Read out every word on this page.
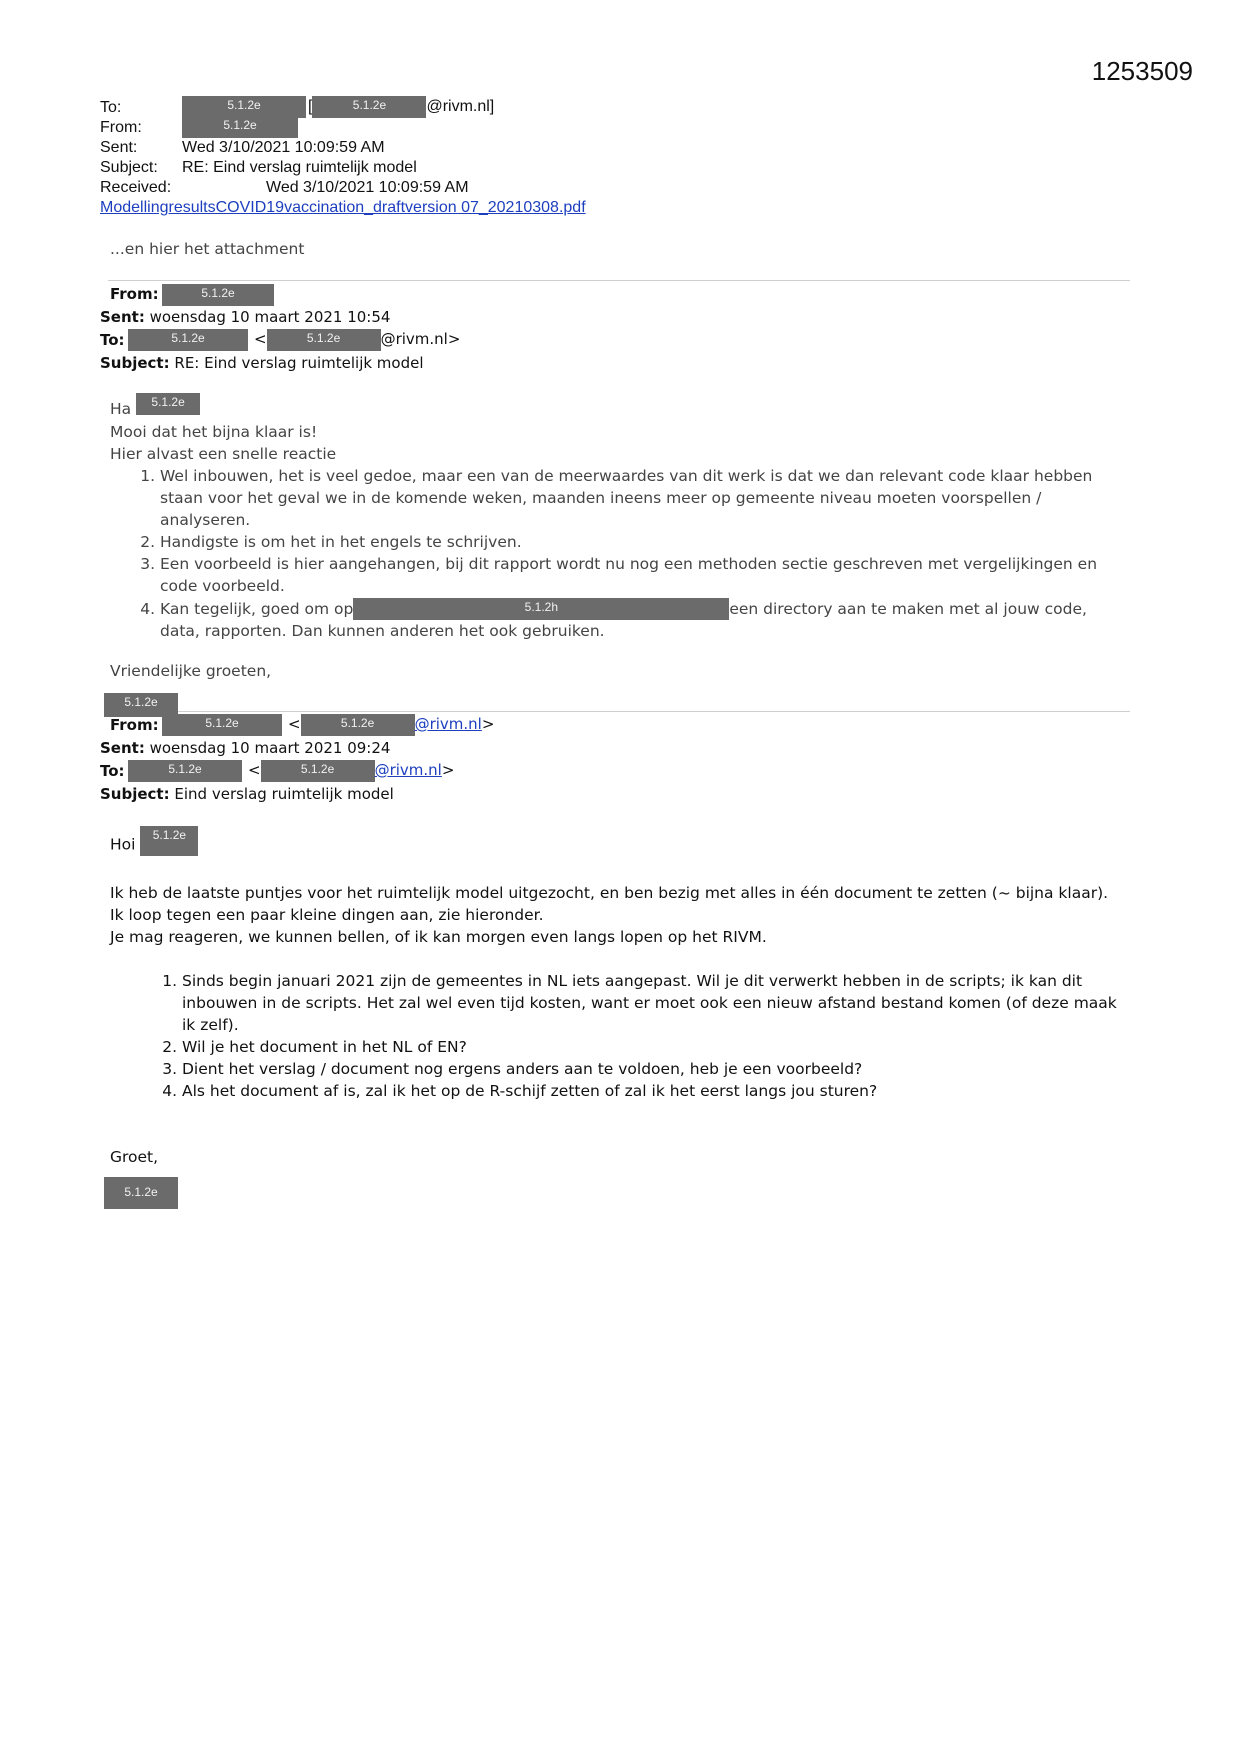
1253509
To:	5.1.2e	[	5.1.2e	@rivm.nl]
From:	5.1.2e
Sent:	Wed 3/10/2021 10:09:59 AM
Subject: RE: Eind verslag ruimtelijk model
Received:	Wed 3/10/2021 10:09:59 AM
ModellingresultsCOVID19vaccination_draftversion 07_20210308.pdf
...en hier het attachment
From:	5.1.2e
Sent: woensdag 10 maart 2021 10:54
To:	5.1.2e	<	5.1.2e	@rivm.nl>
Subject: RE: Eind verslag ruimtelijk model
Ha 5.1.2e
Mooi dat het bijna klaar is!
Hier alvast een snelle reactie
1. Wel inbouwen, het is veel gedoe, maar een van de meerwaardes van dit werk is dat we dan relevant code klaar hebben staan voor het geval we in de komende weken, maanden ineens meer op gemeente niveau moeten voorspellen / analyseren.
2. Handigste is om het in het engels te schrijven.
3. Een voorbeeld is hier aangehangen, bij dit rapport wordt nu nog een methoden sectie geschreven met vergelijkingen en code voorbeeld.
4. Kan tegelijk, goed om op	5.1.2h	een directory aan te maken met al jouw code, data, rapporten. Dan kunnen anderen het ook gebruiken.
Vriendelijke groeten,
5.1.2e
From:	5.1.2e	<	5.1.2e	@rivm.nl>
Sent: woensdag 10 maart 2021 09:24
To:	5.1.2e	<	5.1.2e	@rivm.nl>
Subject: Eind verslag ruimtelijk model
Hoi 5.1.2e
Ik heb de laatste puntjes voor het ruimtelijk model uitgezocht, en ben bezig met alles in één document te zetten (~ bijna klaar).
Ik loop tegen een paar kleine dingen aan, zie hieronder.
Je mag reageren, we kunnen bellen, of ik kan morgen even langs lopen op het RIVM.
1. Sinds begin januari 2021 zijn de gemeentes in NL iets aangepast. Wil je dit verwerkt hebben in de scripts; ik kan dit inbouwen in de scripts. Het zal wel even tijd kosten, want er moet ook een nieuw afstand bestand komen (of deze maak ik zelf).
2. Wil je het document in het NL of EN?
3. Dient het verslag / document nog ergens anders aan te voldoen, heb je een voorbeeld?
4. Als het document af is, zal ik het op de R-schijf zetten of zal ik het eerst langs jou sturen?
Groet,
5.1.2e
